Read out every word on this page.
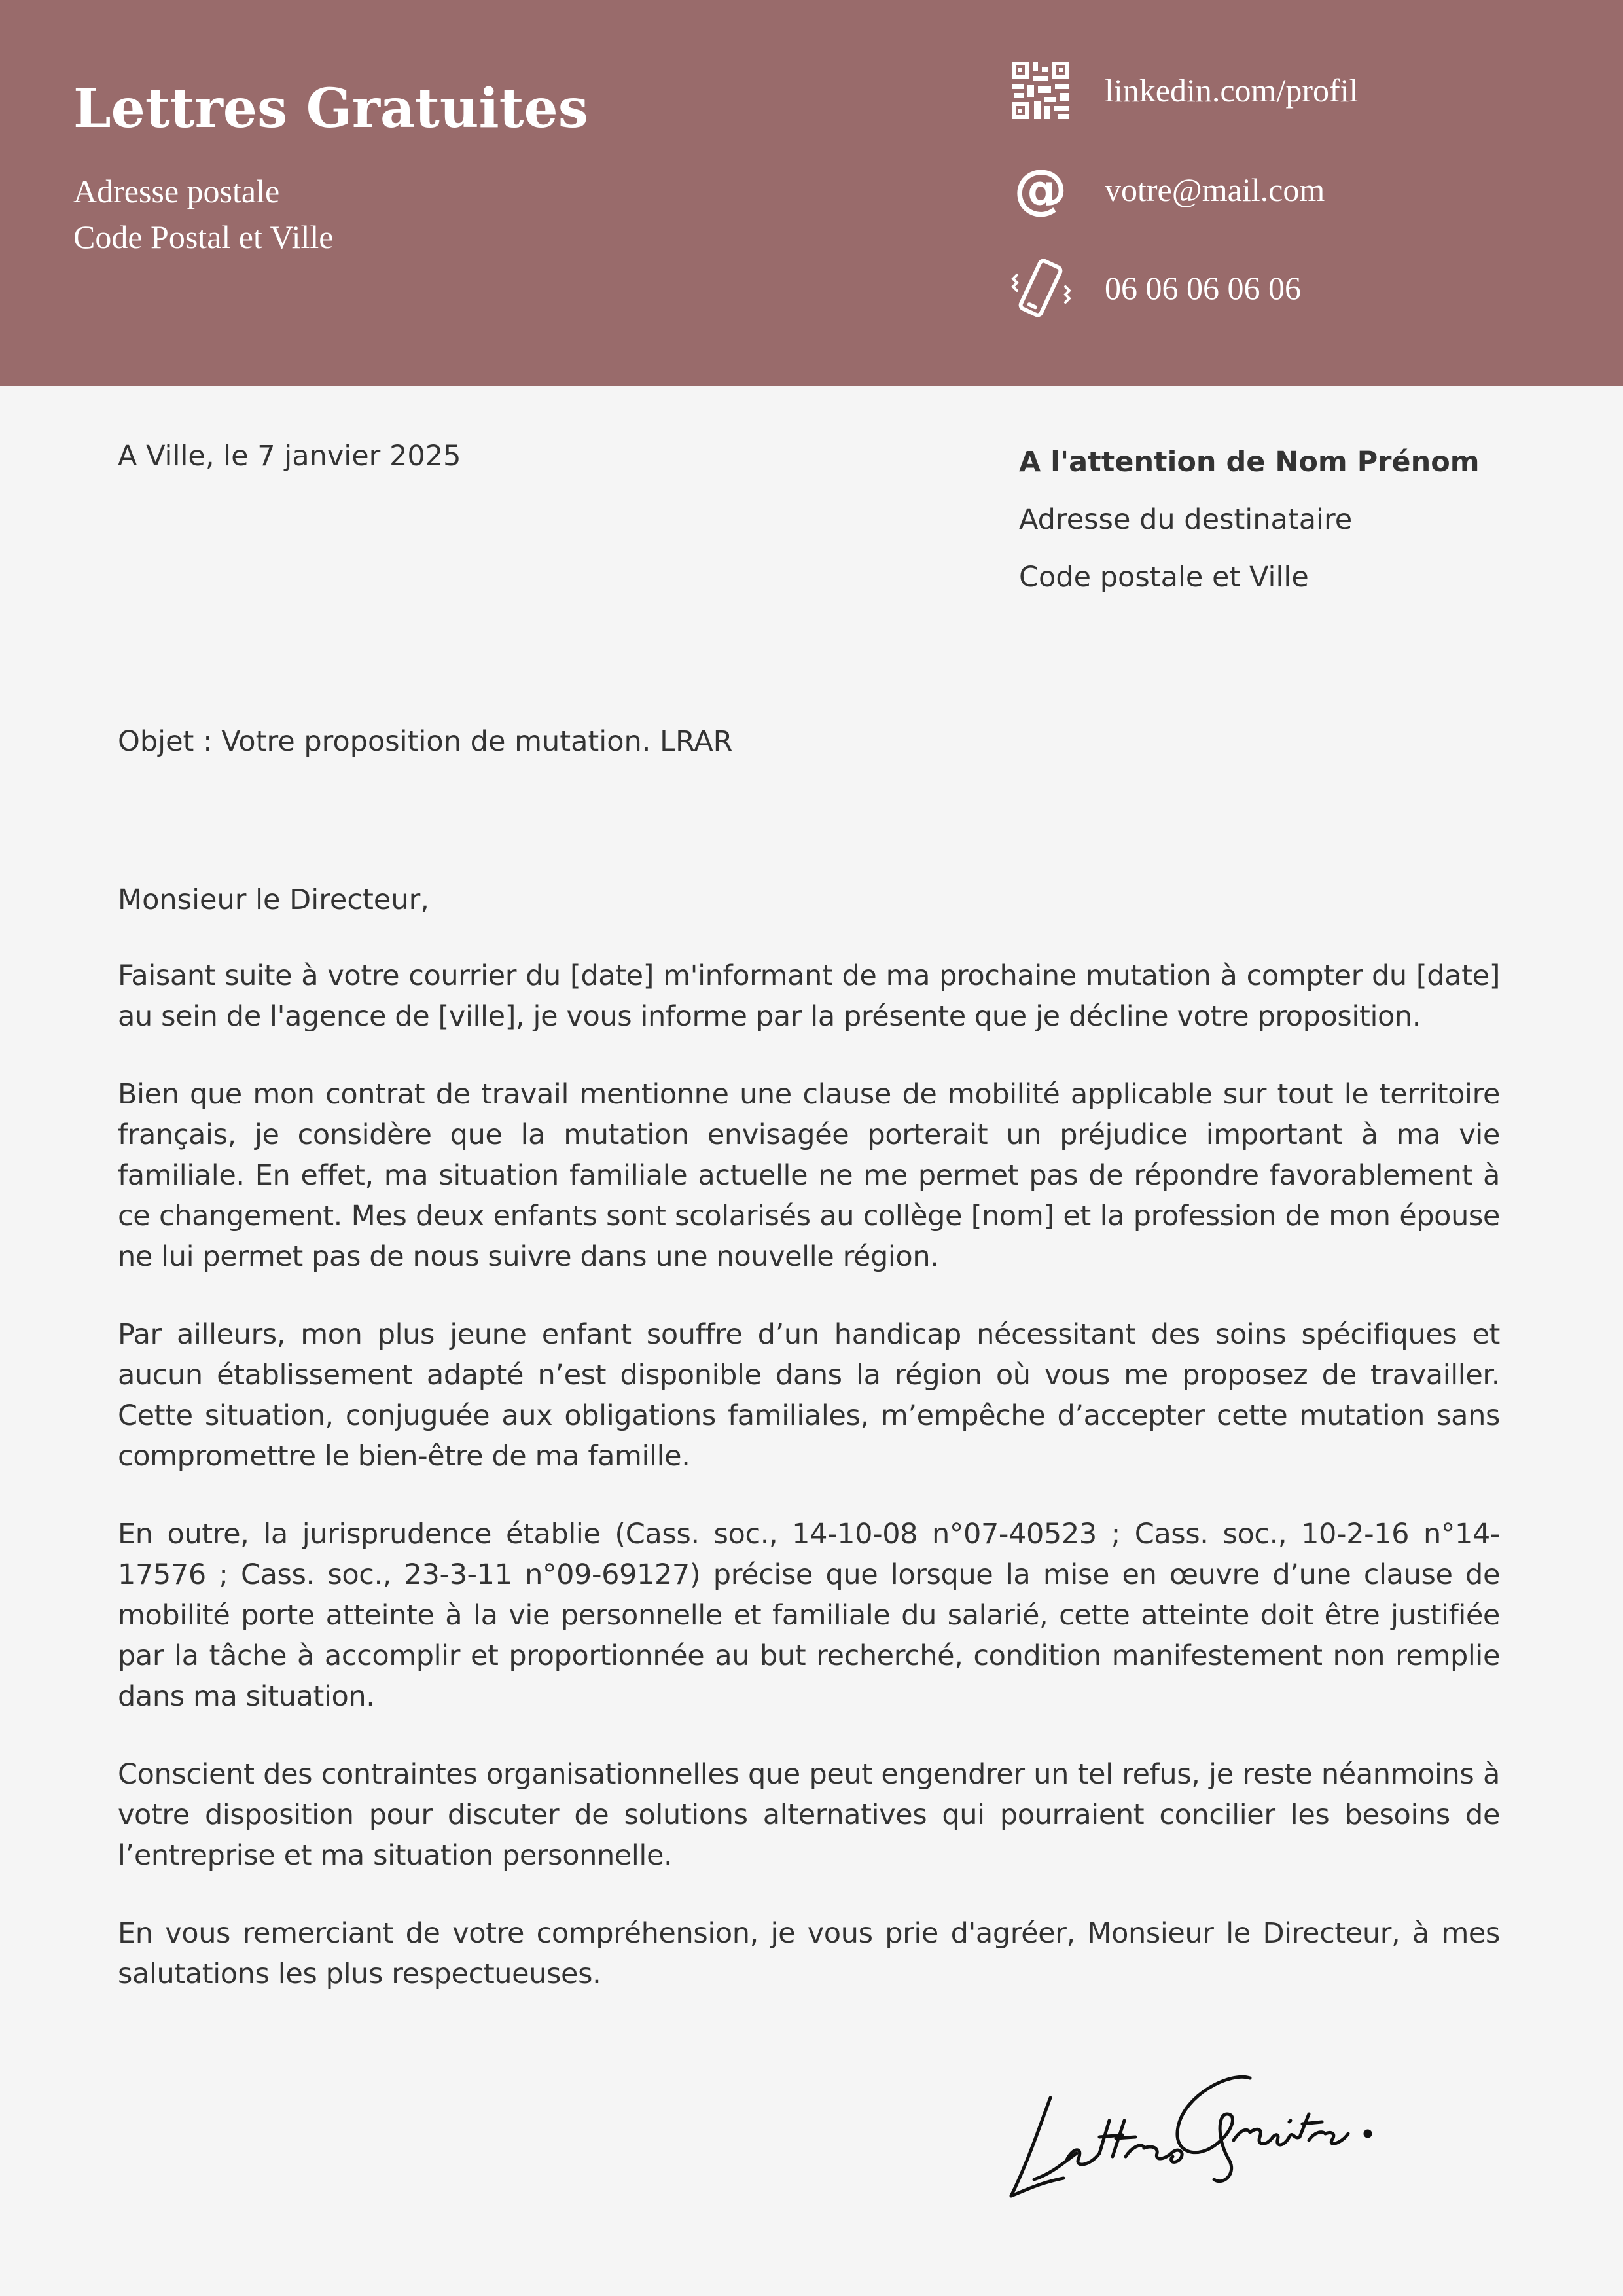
Lettres Gratuites
Adresse postale
Code Postal et Ville
linkedin.com/profil
@ votre@mail.com
06 06 06 06 06
A Ville, le 7 janvier 2025	A l'attention de Nom Prénom
Adresse du destinataire
Code postale et Ville
Objet : Votre proposition de mutation. LRAR
Monsieur le Directeur,

Faisant suite à votre courrier du [date] m'informant de ma prochaine mutation à compter du [date] au sein de l'agence de [ville], je vous informe par la présente que je décline votre proposition.

Bien que mon contrat de travail mentionne une clause de mobilité applicable sur tout le territoire français, je considère que la mutation envisagée porterait un préjudice important à ma vie familiale. En effet, ma situation familiale actuelle ne me permet pas de répondre favorablement à ce changement. Mes deux enfants sont scolarisés au collège [nom] et la profession de mon épouse ne lui permet pas de nous suivre dans une nouvelle région.

Par ailleurs, mon plus jeune enfant souffre d’un handicap nécessitant des soins spécifiques et aucun établissement adapté n’est disponible dans la région où vous me proposez de travailler. Cette situation, conjuguée aux obligations familiales, m’empêche d’accepter cette mutation sans compromettre le bien-être de ma famille.

En outre, la jurisprudence établie (Cass. soc., 14-10-08 n°07-40523 ; Cass. soc., 10-2-16 n°14-17576 ; Cass. soc., 23-3-11 n°09-69127) précise que lorsque la mise en œuvre d’une clause de mobilité porte atteinte à la vie personnelle et familiale du salarié, cette atteinte doit être justifiée par la tâche à accomplir et proportionnée au but recherché, condition manifestement non remplie dans ma situation.

Conscient des contraintes organisationnelles que peut engendrer un tel refus, je reste néanmoins à votre disposition pour discuter de solutions alternatives qui pourraient concilier les besoins de l’entreprise et ma situation personnelle.

En vous remerciant de votre compréhension, je vous prie d'agréer, Monsieur le Directeur, à mes salutations les plus respectueuses.
